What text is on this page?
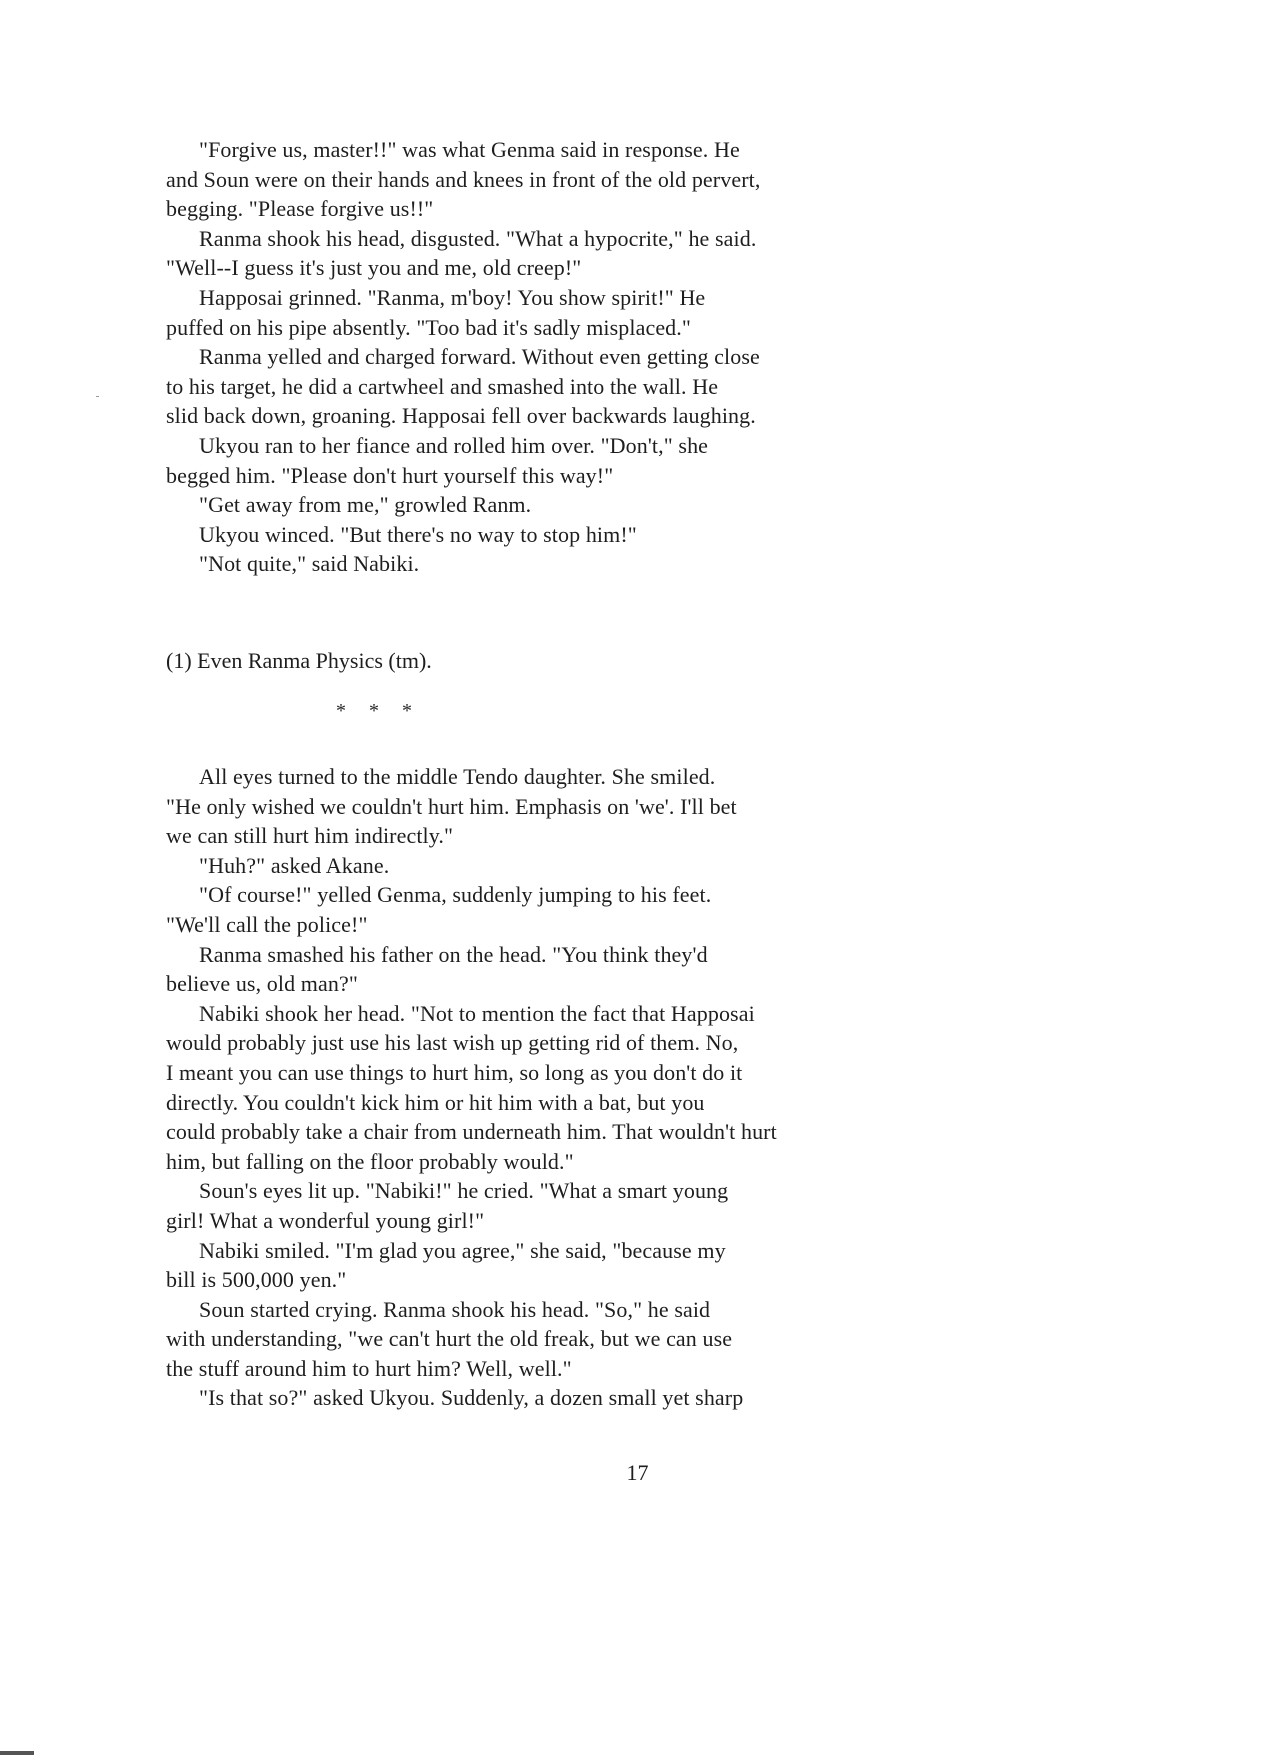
"Forgive us, master!!" was what Genma said in response. He
and Soun were on their hands and knees in front of the old pervert,
begging. "Please forgive us!!"

Ranma shook his head, disgusted. "What a hypocrite," he said.
"Well--I guess it's just you and me, old creep!"

Happosai grinned. "Ranma, m'boy! You show spirit!" He
puffed on his pipe absently. "Too bad it's sadly misplaced."

Ranma yelled and charged forward. Without even getting close
to his target, he did a cartwheel and smashed into the wall. He
slid back down, groaning. Happosai fell over backwards laughing.

Ukyou ran to her fiance and rolled him over. "Don't," she
begged him. "Please don't hurt yourself this way!"

"Get away from me," growled Ranm.

Ukyou winced. "But there's no way to stop him!"

"Not quite," said Nabiki.

(1) Even Ranma Physics (tm).

* * *

All eyes turned to the middle Tendo daughter. She smiled.
"He only wished we couldn't hurt him. Emphasis on 'we'. I'll bet
we can still hurt him indirectly."

"Huh?" asked Akane.

"Of course!" yelled Genma, suddenly jumping to his feet.
"We'll call the police!"

Ranma smashed his father on the head. "You think they'd
believe us, old man?"

Nabiki shook her head. "Not to mention the fact that Happosai
would probably just use his last wish up getting rid of them. No,
I meant you can use things to hurt him, so long as you don't do it
directly. You couldn't kick him or hit him with a bat, but you
could probably take a chair from underneath him. That wouldn't hurt
him, but falling on the floor probably would."

Soun's eyes lit up. "Nabiki!" he cried. "What a smart young
girl! What a wonderful young girl!"

Nabiki smiled. "I'm glad you agree," she said, "because my
bill is 500,000 yen."

Soun started crying. Ranma shook his head. "So," he said
with understanding, "we can't hurt the old freak, but we can use
the stuff around him to hurt him? Well, well."

"Is that so?" asked Ukyou. Suddenly, a dozen small yet sharp

17
